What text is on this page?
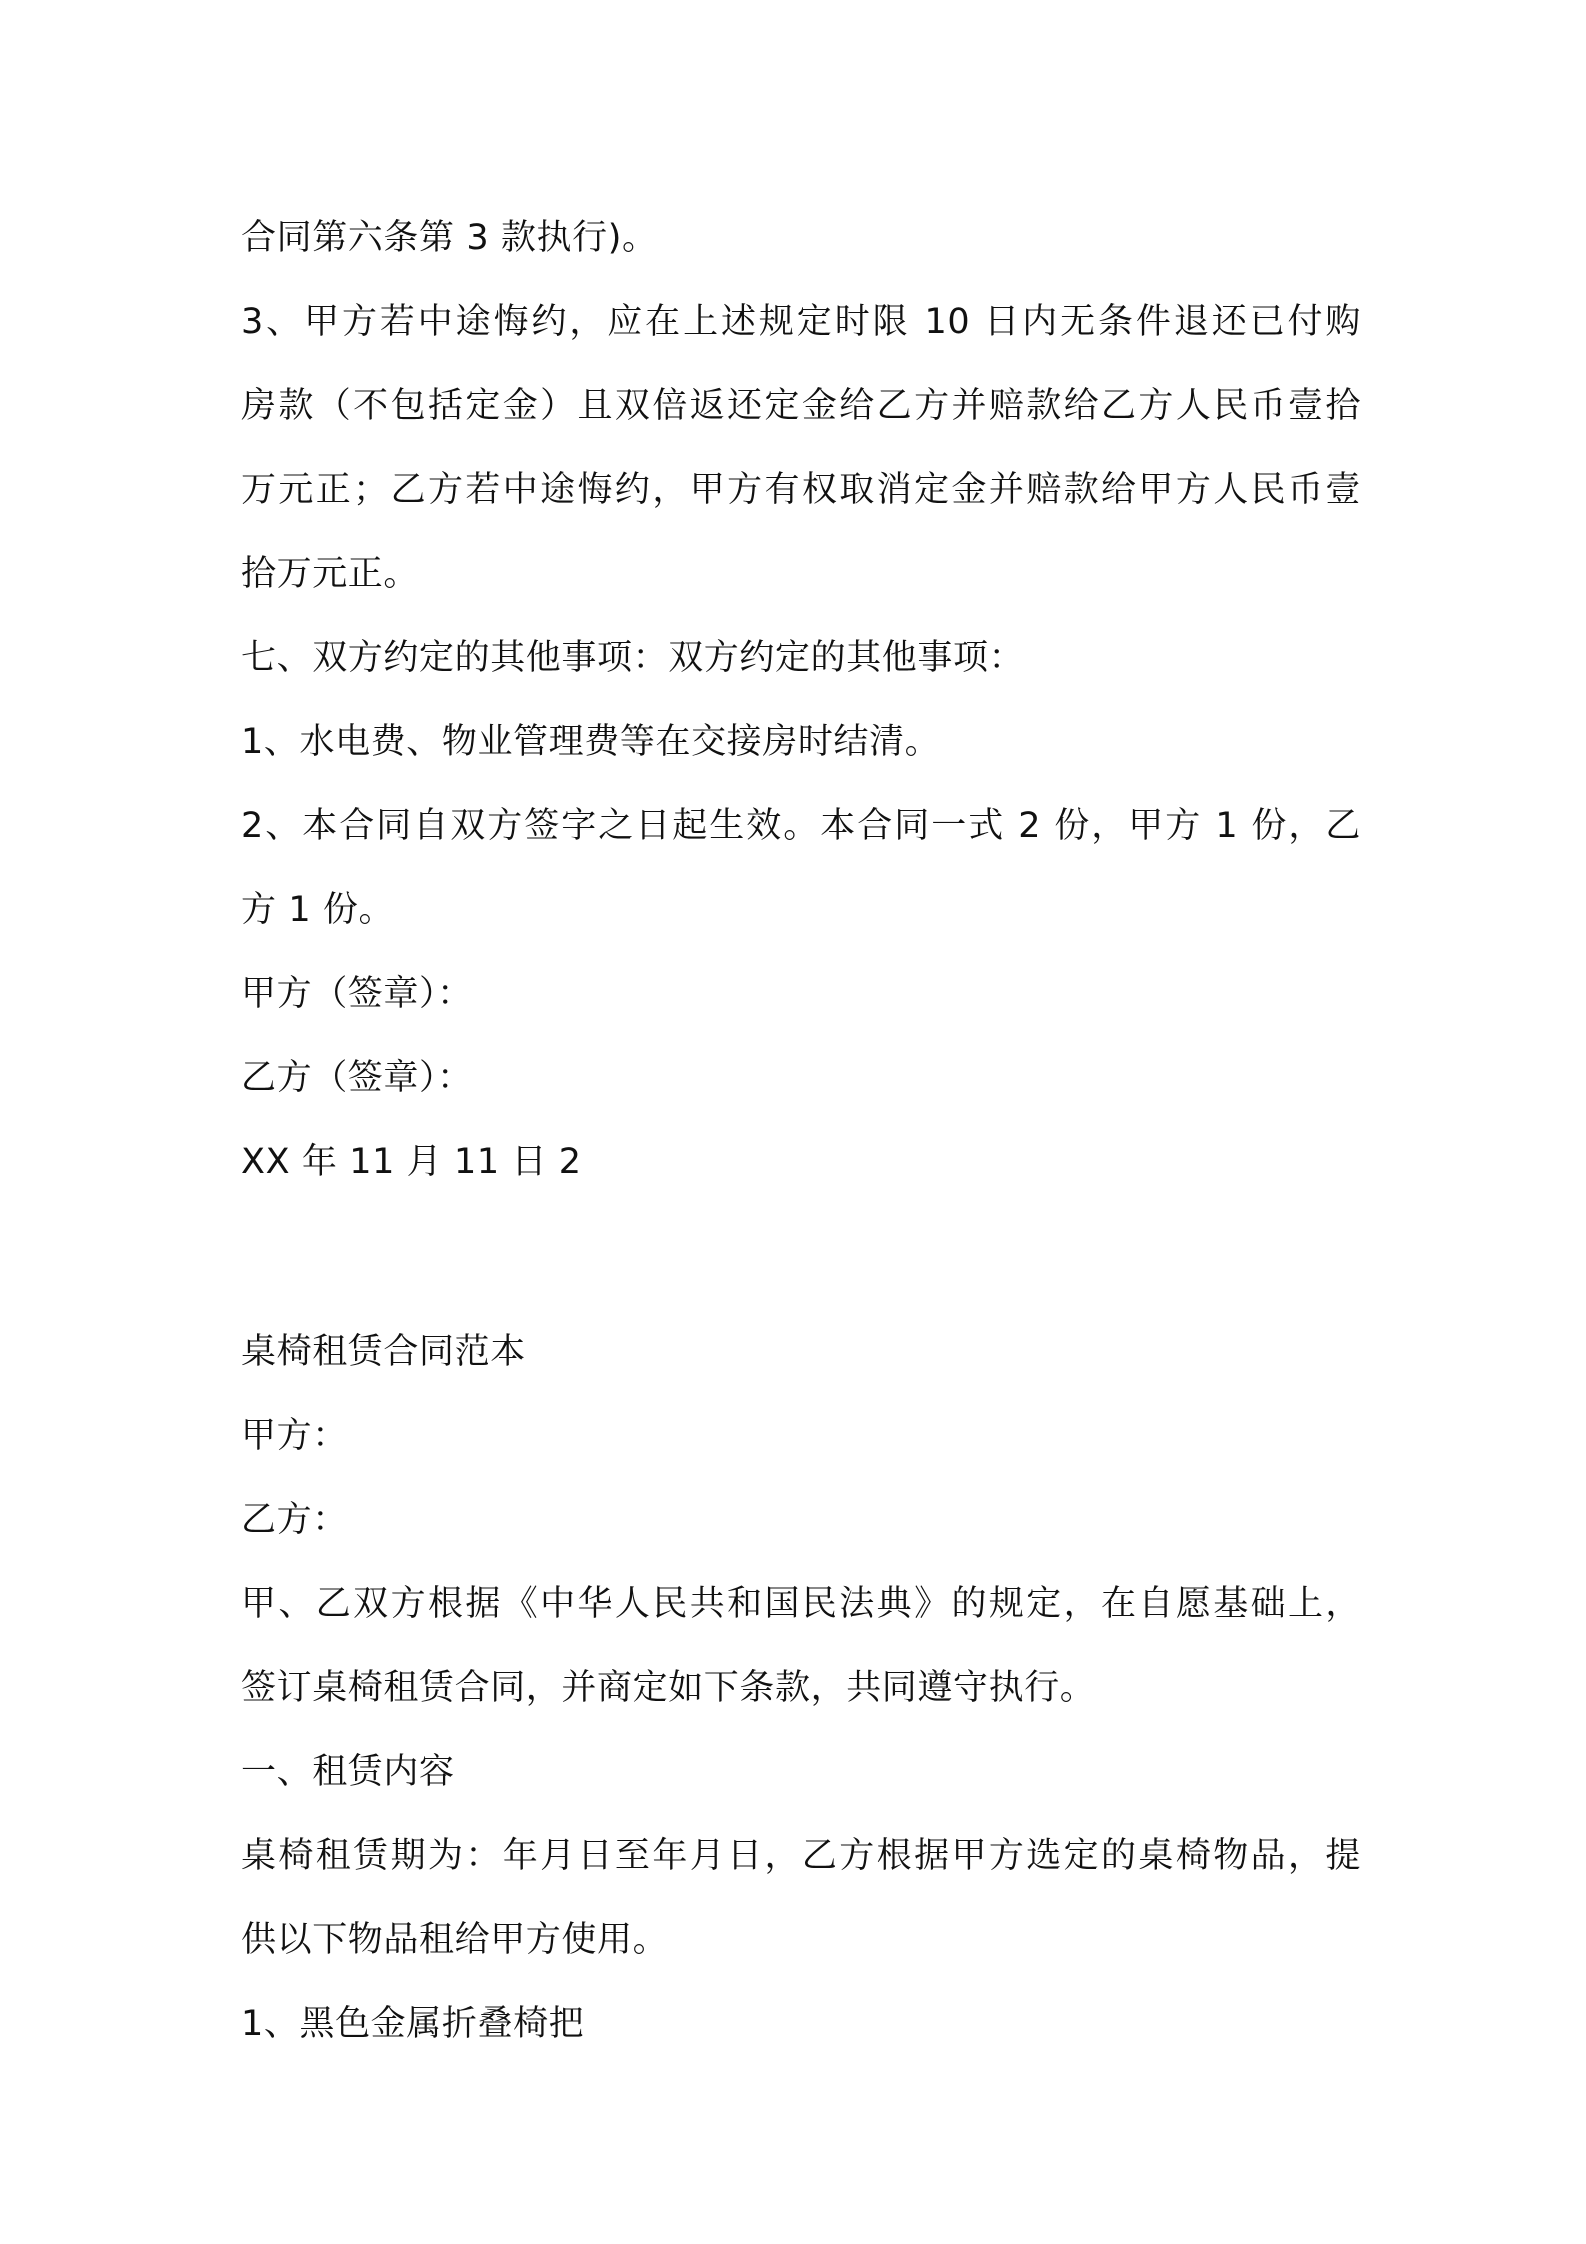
合同第六条第 3 款执行)。
3、甲方若中途悔约，应在上述规定时限 10 日内无条件退还已付购
房款（不包括定金）且双倍返还定金给乙方并赔款给乙方人民币壹拾
万元正；乙方若中途悔约，甲方有权取消定金并赔款给甲方人民币壹
拾万元正。
七、双方约定的其他事项：双方约定的其他事项：
1、水电费、物业管理费等在交接房时结清。
2、本合同自双方签字之日起生效。本合同一式 2 份，甲方 1 份，乙
方 1 份。
甲方（签章）：
乙方（签章）：
XX 年 11 月 11 日 2
桌椅租赁合同范本
甲方：
乙方：
甲、乙双方根据《中华人民共和国民法典》的规定，在自愿基础上，
签订桌椅租赁合同，并商定如下条款，共同遵守执行。
一、租赁内容
桌椅租赁期为：年月日至年月日，乙方根据甲方选定的桌椅物品，提
供以下物品租给甲方使用。
1、黑色金属折叠椅把
